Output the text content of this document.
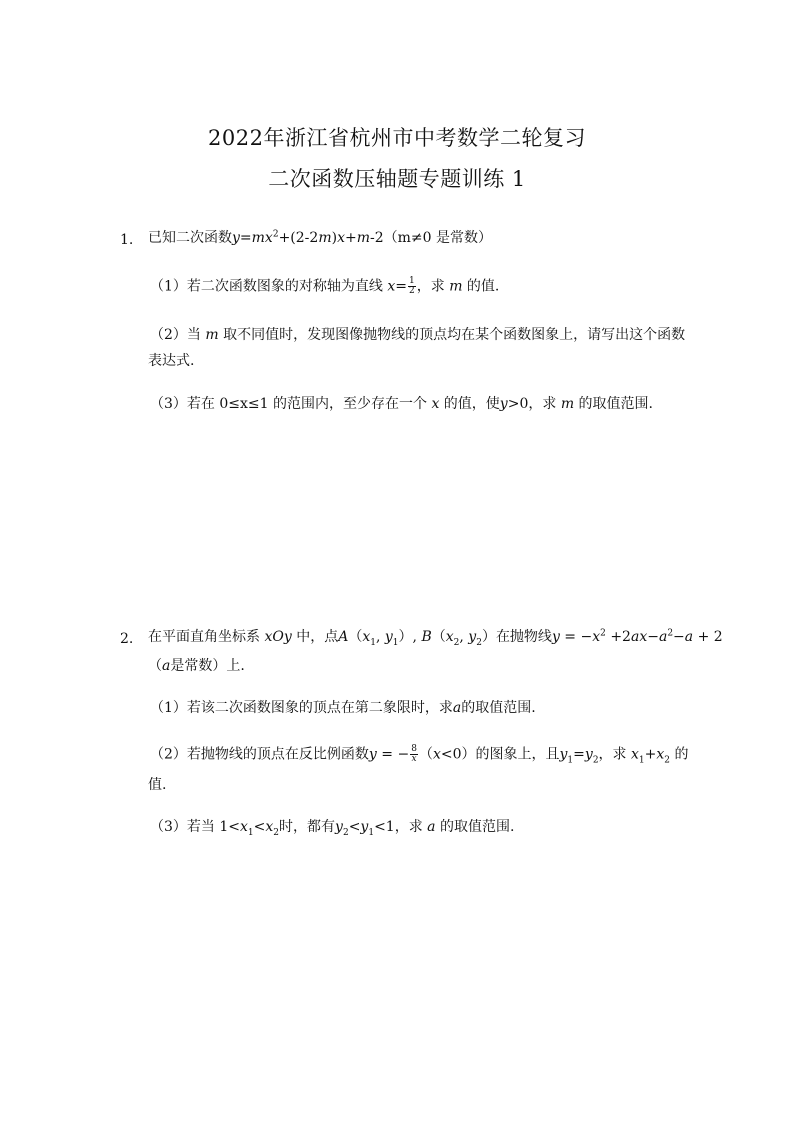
2022年浙江省杭州市中考数学二轮复习
二次函数压轴题专题训练 1
1. 已知二次函数$y=mx^2+(2-2m)x+m-2(m\ne 0$ 是常数）
（1）若二次函数图象的对称轴为直线 $x= \frac{1}{2}$ ，求 m 的值.
（2）当 m 取不同值时，发现图像抛物线的顶点均在某个函数图象上，请写出这个函数
表达式.
（3）若在 0≤x≤1 的范围内，至少存在一个 x 的值，使y>0，求 m 的取值范围.
2. 在平面直角坐标系 xOy 中，点$A(x_1$, $y_1$）, $B(x_2$, $y_2$）在抛物线$y = -x^2 +2ax-a^2-a + 2$
（a是常数）上.
（1）若该二次函数图象的顶点在第二象限时，求a的取值范围.
（2）若抛物线的顶点在反比例函数y = − $\frac{8}{x} (x<0)$的图象上，且$y_1=y_2$，求 $x_1+x_2$ 的
值.
（3）若当 $1<x_1<x_2$时，都有$y_2<y_1<1$，求 a 的取值范围.
